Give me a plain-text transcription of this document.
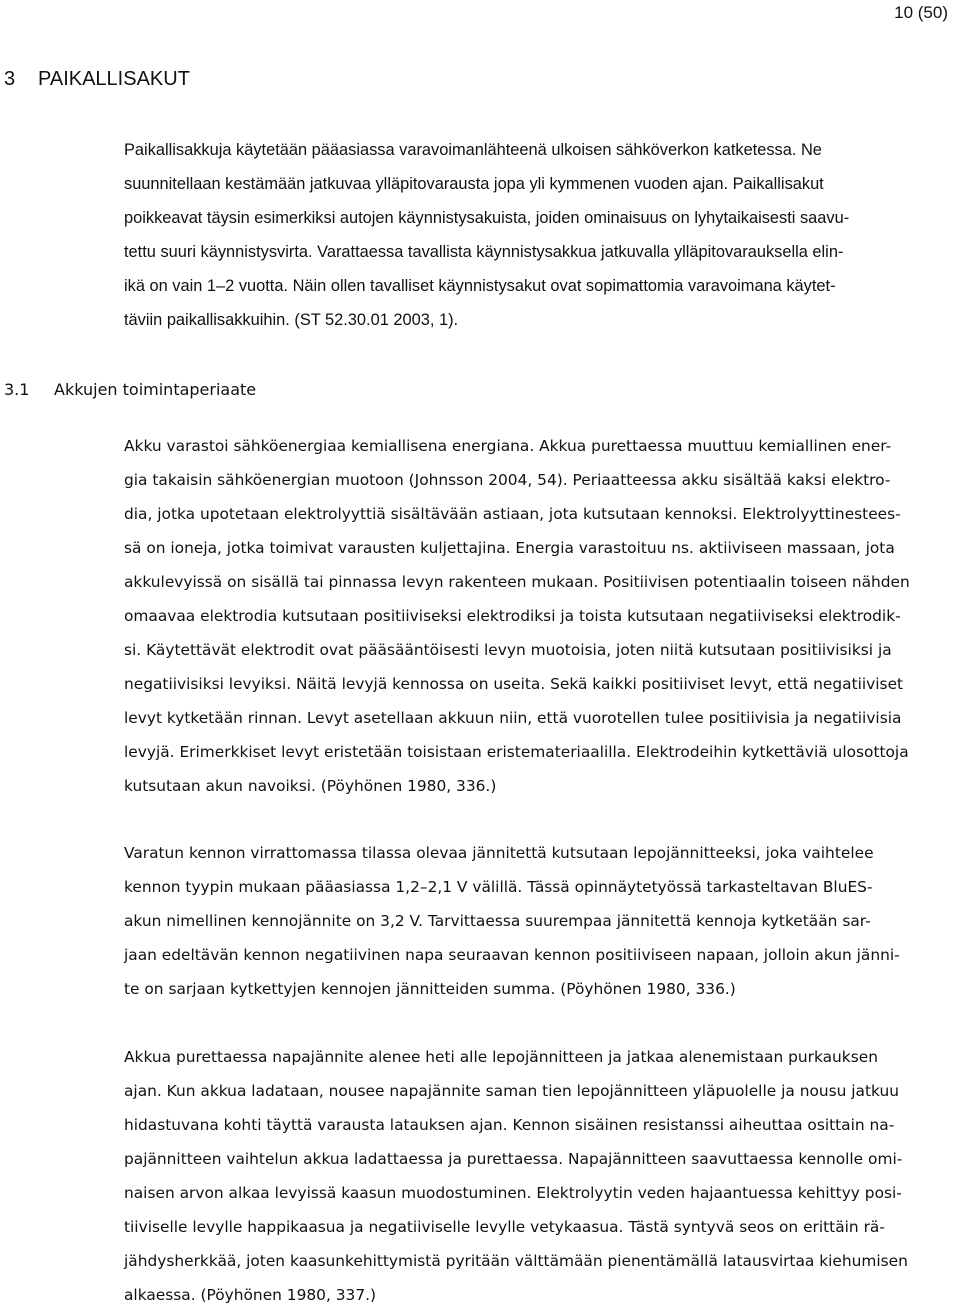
10 (50)
3 PAIKALLISAKUT

Paikallisakkuja käytetään pääasiassa varavoimanlähteenä ulkoisen sähköverkon katketessa. Ne
suunnitellaan kestämään jatkuvaa ylläpitovarausta jopa yli kymmenen vuoden ajan. Paikallisakut
poikkeavat täysin esimerkiksi autojen käynnistysakuista, joiden ominaisuus on lyhytaikaisesti saavu-
tettu suuri käynnistysvirta. Varattaessa tavallista käynnistysakkua jatkuvalla ylläpitovarauksella elin-
ikä on vain 1–2 vuotta. Näin ollen tavalliset käynnistysakut ovat sopimattomia varavoimana käytet-
täviin paikallisakkuihin. (ST 52.30.01 2003, 1).

3.1 Akkujen toimintaperiaate

Akku varastoi sähköenergiaa kemiallisena energiana. Akkua purettaessa muuttuu kemiallinen ener-
gia takaisin sähköenergian muotoon (Johnsson 2004, 54). Periaatteessa akku sisältää kaksi elektro-
dia, jotka upotetaan elektrolyyttiä sisältävään astiaan, jota kutsutaan kennoksi. Elektrolyyttinestees-
sä on ioneja, jotka toimivat varausten kuljettajina. Energia varastoituu ns. aktiiviseen massaan, jota
akkulevyissä on sisällä tai pinnassa levyn rakenteen mukaan. Positiivisen potentiaalin toiseen nähden
omaavaa elektrodia kutsutaan positiiviseksi elektrodiksi ja toista kutsutaan negatiiviseksi elektrodik-
si. Käytettävät elektrodit ovat pääsääntöisesti levyn muotoisia, joten niitä kutsutaan positiivisiksi ja
negatiivisiksi levyiksi. Näitä levyjä kennossa on useita. Sekä kaikki positiiviset levyt, että negatiiviset
levyt kytketään rinnan. Levyt asetellaan akkuun niin, että vuorotellen tulee positiivisia ja negatiivisia
levyjä. Erimerkkiset levyt eristetään toisistaan eristemateriaalilla. Elektrodeihin kytkettäviä ulosottoja
kutsutaan akun navoiksi. (Pöyhönen 1980, 336.)

Varatun kennon virrattomassa tilassa olevaa jännitettä kutsutaan lepojännitteeksi, joka vaihtelee
kennon tyypin mukaan pääasiassa 1,2–2,1 V välillä. Tässä opinnäytetyössä tarkasteltavan BluES-
akun nimellinen kennojännite on 3,2 V. Tarvittaessa suurempaa jännitettä kennoja kytketään sar-
jaan edeltävän kennon negatiivinen napa seuraavan kennon positiiviseen napaan, jolloin akun jänni-
te on sarjaan kytkettyjen kennojen jännitteiden summa. (Pöyhönen 1980, 336.)

Akkua purettaessa napajännite alenee heti alle lepojännitteen ja jatkaa alenemistaan purkauksen
ajan. Kun akkua ladataan, nousee napajännite saman tien lepojännitteen yläpuolelle ja nousu jatkuu
hidastuvana kohti täyttä varausta latauksen ajan. Kennon sisäinen resistanssi aiheuttaa osittain na-
pajännitteen vaihtelun akkua ladattaessa ja purettaessa. Napajännitteen saavuttaessa kennolle omi-
naisen arvon alkaa levyissä kaasun muodostuminen. Elektrolyytin veden hajaantuessa kehittyy posi-
tiiviselle levylle happikaasua ja negatiiviselle levylle vetykaasua. Tästä syntyvä seos on erittäin rä-
jähdysherkkää, joten kaasunkehittymistä pyritään välttämään pienentämällä latausvirtaa kiehumisen
alkaessa. (Pöyhönen 1980, 337.)
